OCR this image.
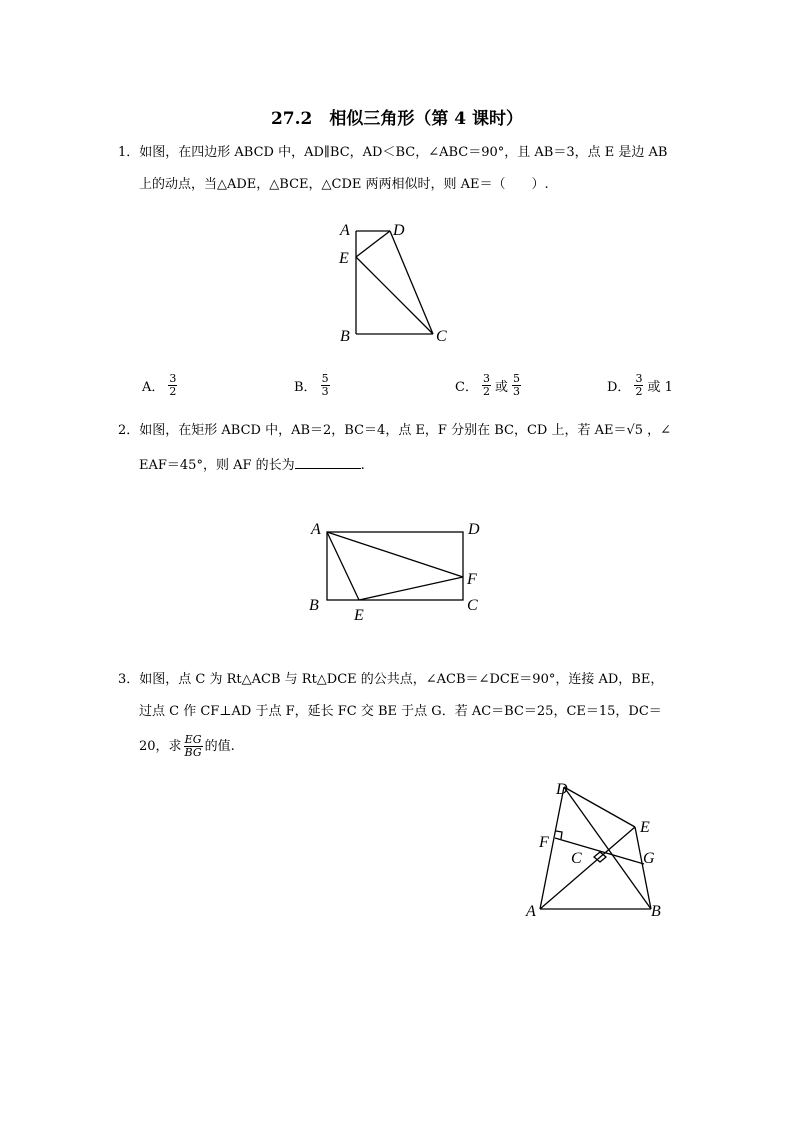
27.2　相似三角形（第 4 课时）
1．如图，在四边形 ABCD 中，AD∥BC，AD＜BC，∠ABC＝90°，且 AB＝3，点 E 是边 AB
上的动点，当△ADE，△BCE，△CDE 两两相似时，则 AE＝（　　）.
A	D
E
B	C
A． $\frac{3}{2}$	B． $\frac{5}{3}$	C． $\frac{3}{2}$ 或 $\frac{5}{3}$	D． $\frac{3}{2}$ 或 1
2．如图，在矩形 ABCD 中，AB＝2，BC＝4，点 E，F 分别在 BC，CD 上，若 AE＝√5 ，∠
EAF＝45°，则 AF 的长为	.
A	D
F
B
E
C
3．如图，点 C 为 Rt△ACB 与 Rt△DCE 的公共点，∠ACB＝∠DCE＝90°，连接 AD，BE，
过点 C 作 CF⊥AD 于点 F，延长 FC 交 BE 于点 G．若 AC＝BC＝25，CE＝15，DC＝
20，求 $\frac{EG}{BG}$ 的值.
D
E
F
C	G
A	B
